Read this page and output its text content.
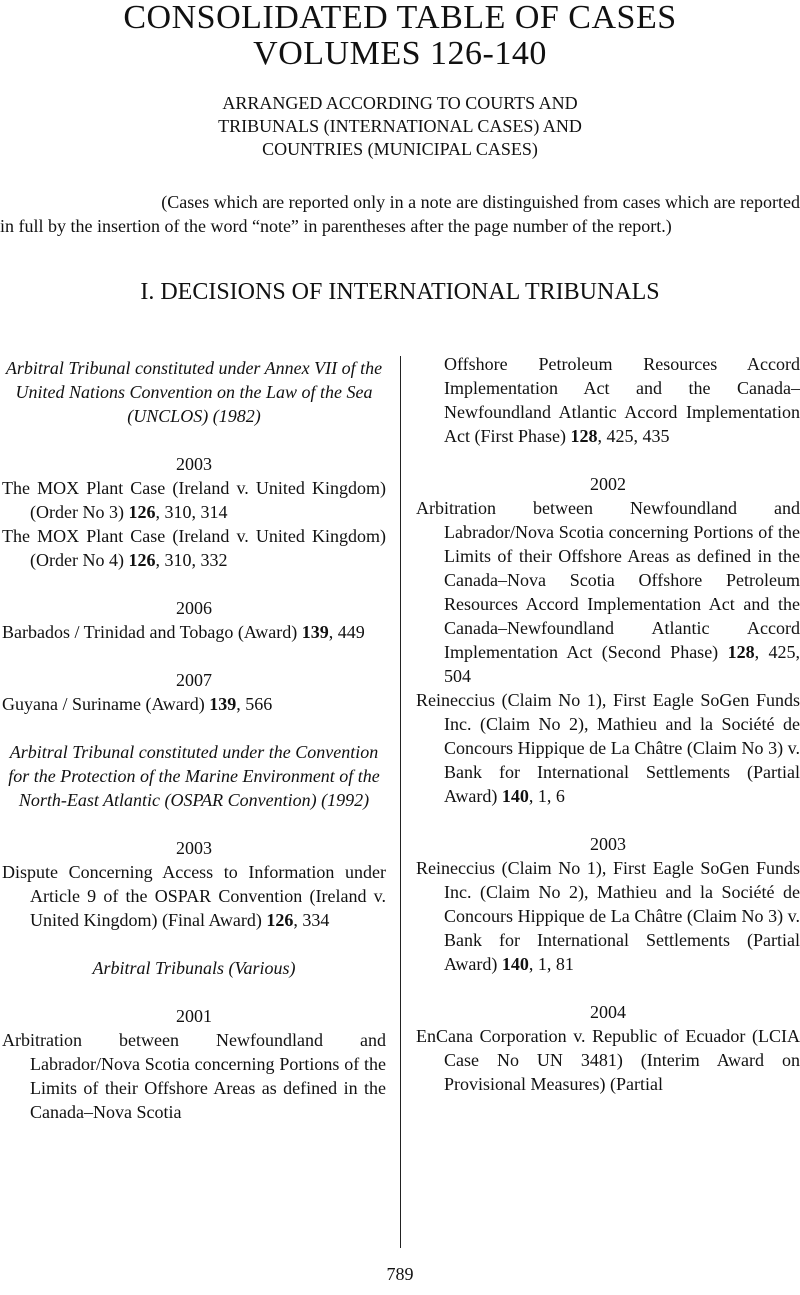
CONSOLIDATED TABLE OF CASES
VOLUMES 126-140
ARRANGED ACCORDING TO COURTS AND
TRIBUNALS (INTERNATIONAL CASES) AND
COUNTRIES (MUNICIPAL CASES)
(Cases which are reported only in a note are distinguished from cases which are reported
in full by the insertion of the word “note” in parentheses after the page number of the report.)
I. DECISIONS OF INTERNATIONAL TRIBUNALS

Arbitral Tribunal constituted under Annex VII of the United Nations Convention on the Law of the Sea (UNCLOS) (1982)

2003

The MOX Plant Case (Ireland v. United Kingdom) (Order No 3) 126, 310, 314

The MOX Plant Case (Ireland v. United Kingdom) (Order No 4) 126, 310, 332

2006

Barbados / Trinidad and Tobago (Award) 139, 449

2007

Guyana / Suriname (Award) 139, 566

Arbitral Tribunal constituted under the Convention for the Protection of the Marine Environment of the North-East Atlantic (OSPAR Convention) (1992)

2003

Dispute Concerning Access to Information under Article 9 of the OSPAR Convention (Ireland v. United Kingdom) (Final Award) 126, 334

Arbitral Tribunals (Various)

2001

Arbitration between Newfoundland and Labrador/Nova Scotia concerning Portions of the Limits of their Offshore Areas as defined in the Canada–Nova Scotia

Offshore Petroleum Resources Accord Implementation Act and the Canada–Newfoundland Atlantic Accord Implementation Act (First Phase) 128, 425, 435

2002

Arbitration between Newfoundland and Labrador/Nova Scotia concerning Portions of the Limits of their Offshore Areas as defined in the Canada–Nova Scotia Offshore Petroleum Resources Accord Implementation Act and the Canada–Newfoundland Atlantic Accord Implementation Act (Second Phase) 128, 425, 504

Reineccius (Claim No 1), First Eagle SoGen Funds Inc. (Claim No 2), Mathieu and la Société de Concours Hippique de La Châtre (Claim No 3) v. Bank for International Settlements (Partial Award) 140, 1, 6

2003

Reineccius (Claim No 1), First Eagle SoGen Funds Inc. (Claim No 2), Mathieu and la Société de Concours Hippique de La Châtre (Claim No 3) v. Bank for International Settlements (Partial Award) 140, 1, 81

2004

EnCana Corporation v. Republic of Ecuador (LCIA Case No UN 3481) (Interim Award on Provisional Measures) (Partial

789
